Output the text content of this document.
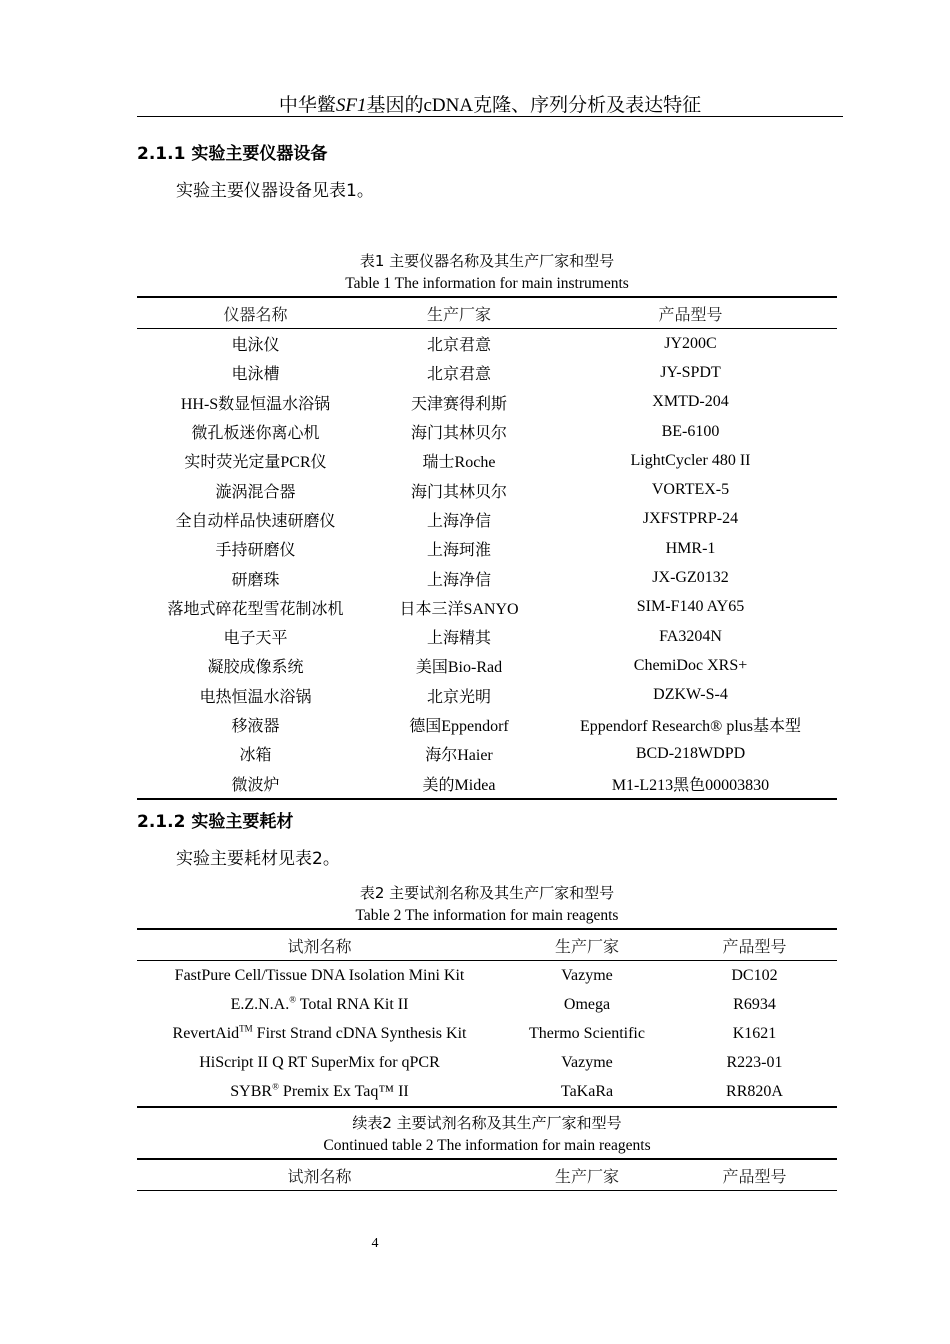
中华鳖SF1基因的cDNA克隆、序列分析及表达特征
2.1.1 实验主要仪器设备
实验主要仪器设备见表1。
表1 主要仪器名称及其生产厂家和型号
Table 1 The information for main instruments
仪器名称	生产厂家	产品型号
电泳仪	北京君意	JY200C
电泳槽	北京君意	JY-SPDT
HH-S数显恒温水浴锅	天津赛得利斯	XMTD-204
微孔板迷你离心机	海门其林贝尔	BE-6100
实时荧光定量PCR仪	瑞士Roche	LightCycler 480 II
漩涡混合器	海门其林贝尔	VORTEX-5
全自动样品快速研磨仪	上海净信	JXFSTPRP-24
手持研磨仪	上海珂淮	HMR-1
研磨珠	上海净信	JX-GZ0132
落地式碎花型雪花制冰机	日本三洋SANYO	SIM-F140 AY65
电子天平	上海精其	FA3204N
凝胶成像系统	美国Bio-Rad	ChemiDoc XRS+
电热恒温水浴锅	北京光明	DZKW-S-4
移液器	德国Eppendorf	Eppendorf Research® plus基本型
冰箱	海尔Haier	BCD-218WDPD
微波炉	美的Midea	M1-L213黑色00003830
2.1.2 实验主要耗材
实验主要耗材见表2。
表2 主要试剂名称及其生产厂家和型号
Table 2 The information for main reagents
试剂名称	生产厂家	产品型号
FastPure Cell/Tissue DNA Isolation Mini Kit	Vazyme	DC102
E.Z.N.A.® Total RNA Kit II	Omega	R6934
RevertAid™ First Strand cDNA Synthesis Kit	Thermo Scientific	K1621
HiScript II Q RT SuperMix for qPCR	Vazyme	R223-01
SYBR® Premix Ex Taq™ II	TaKaRa	RR820A
续表2 主要试剂名称及其生产厂家和型号
Continued table 2 The information for main reagents
试剂名称	生产厂家	产品型号
4
